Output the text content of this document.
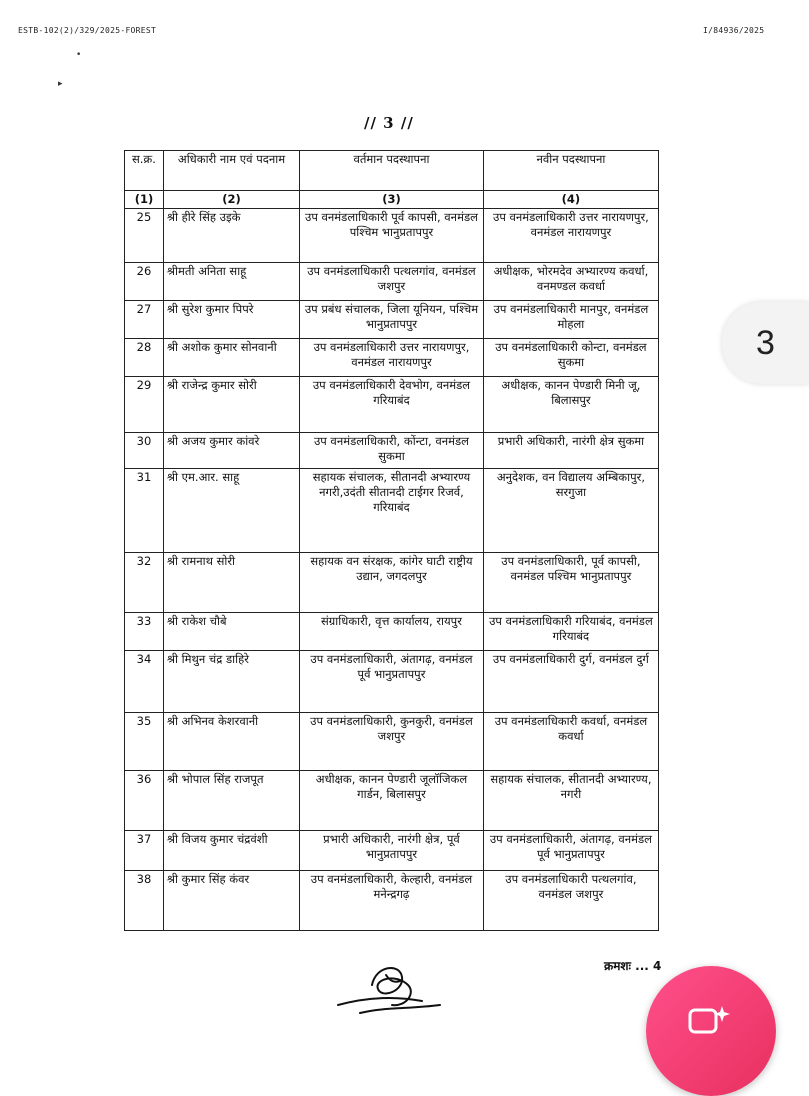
ESTB-102(2)/329/2025-FOREST	I/84936/2025
•
▸
// 3 //
स.क्र.	अधिकारी नाम एवं पदनाम	वर्तमान पदस्थापना	नवीन पदस्थापना
(1)	(2)	(3)	(4)
25	श्री हीरे सिंह उइके	उप वनमंडलाधिकारी पूर्व कापसी, वनमंडल पश्चिम भानुप्रतापपुर	उप वनमंडलाधिकारी उत्तर नारायणपुर, वनमंडल नारायणपुर
26	श्रीमती अनिता साहू	उप वनमंडलाधिकारी पत्थलगांव, वनमंडल जशपुर	अधीक्षक, भोरमदेव अभ्यारण्य कवर्धा, वनमण्डल कवर्धा
27	श्री सुरेश कुमार पिपरे	उप प्रबंध संचालक, जिला यूनियन, पश्चिम भानुप्रतापपुर	उप वनमंडलाधिकारी मानपुर, वनमंडल मोहला
28	श्री अशोक कुमार सोनवानी	उप वनमंडलाधिकारी उत्तर नारायणपुर, वनमंडल नारायणपुर	उप वनमंडलाधिकारी कोन्टा, वनमंडल सुकमा
29	श्री राजेन्द्र कुमार सोरी	उप वनमंडलाधिकारी देवभोग, वनमंडल गरियाबंद	अधीक्षक, कानन पेण्डारी मिनी जू, बिलासपुर
30	श्री अजय कुमार कांवरे	उप वनमंडलाधिकारी, कोंन्टा, वनमंडल सुकमा	प्रभारी अधिकारी, नारंगी क्षेत्र सुकमा
31	श्री एम.आर. साहू	सहायक संचालक, सीतानदी अभ्यारण्य नगरी,उदंती सीतानदी टाईगर रिजर्व, गरियाबंद	अनुदेशक, वन विद्यालय अम्बिकापुर, सरगुजा
32	श्री रामनाथ सोरी	सहायक वन संरक्षक, कांगेर घाटी राष्ट्रीय उद्यान, जगदलपुर	उप वनमंडलाधिकारी, पूर्व कापसी, वनमंडल पश्चिम भानुप्रतापपुर
33	श्री राकेश चौबे	संग्राधिकारी, वृत्त कार्यालय, रायपुर	उप वनमंडलाधिकारी गरियाबंद, वनमंडल गरियाबंद
34	श्री मिथुन चंद्र डाहिरे	उप वनमंडलाधिकारी, अंतागढ़, वनमंडल पूर्व भानुप्रतापपुर	उप वनमंडलाधिकारी दुर्ग, वनमंडल दुर्ग
35	श्री अभिनव केशरवानी	उप वनमंडलाधिकारी, कुनकुरी, वनमंडल जशपुर	उप वनमंडलाधिकारी कवर्धा, वनमंडल कवर्धा
36	श्री भोपाल सिंह राजपूत	अधीक्षक, कानन पेण्डारी जूलॉजिकल गार्डन, बिलासपुर	सहायक संचालक, सीतानदी अभ्यारण्य, नगरी
37	श्री विजय कुमार चंद्रवंशी	प्रभारी अधिकारी, नारंगी क्षेत्र, पूर्व भानुप्रतापपुर	उप वनमंडलाधिकारी, अंतागढ़, वनमंडल पूर्व भानुप्रतापपुर
38	श्री कुमार सिंह कंवर	उप वनमंडलाधिकारी, केल्हारी, वनमंडल मनेन्द्रगढ़	उप वनमंडलाधिकारी पत्थलगांव, वनमंडल जशपुर
क्रमशः ... 4
3
